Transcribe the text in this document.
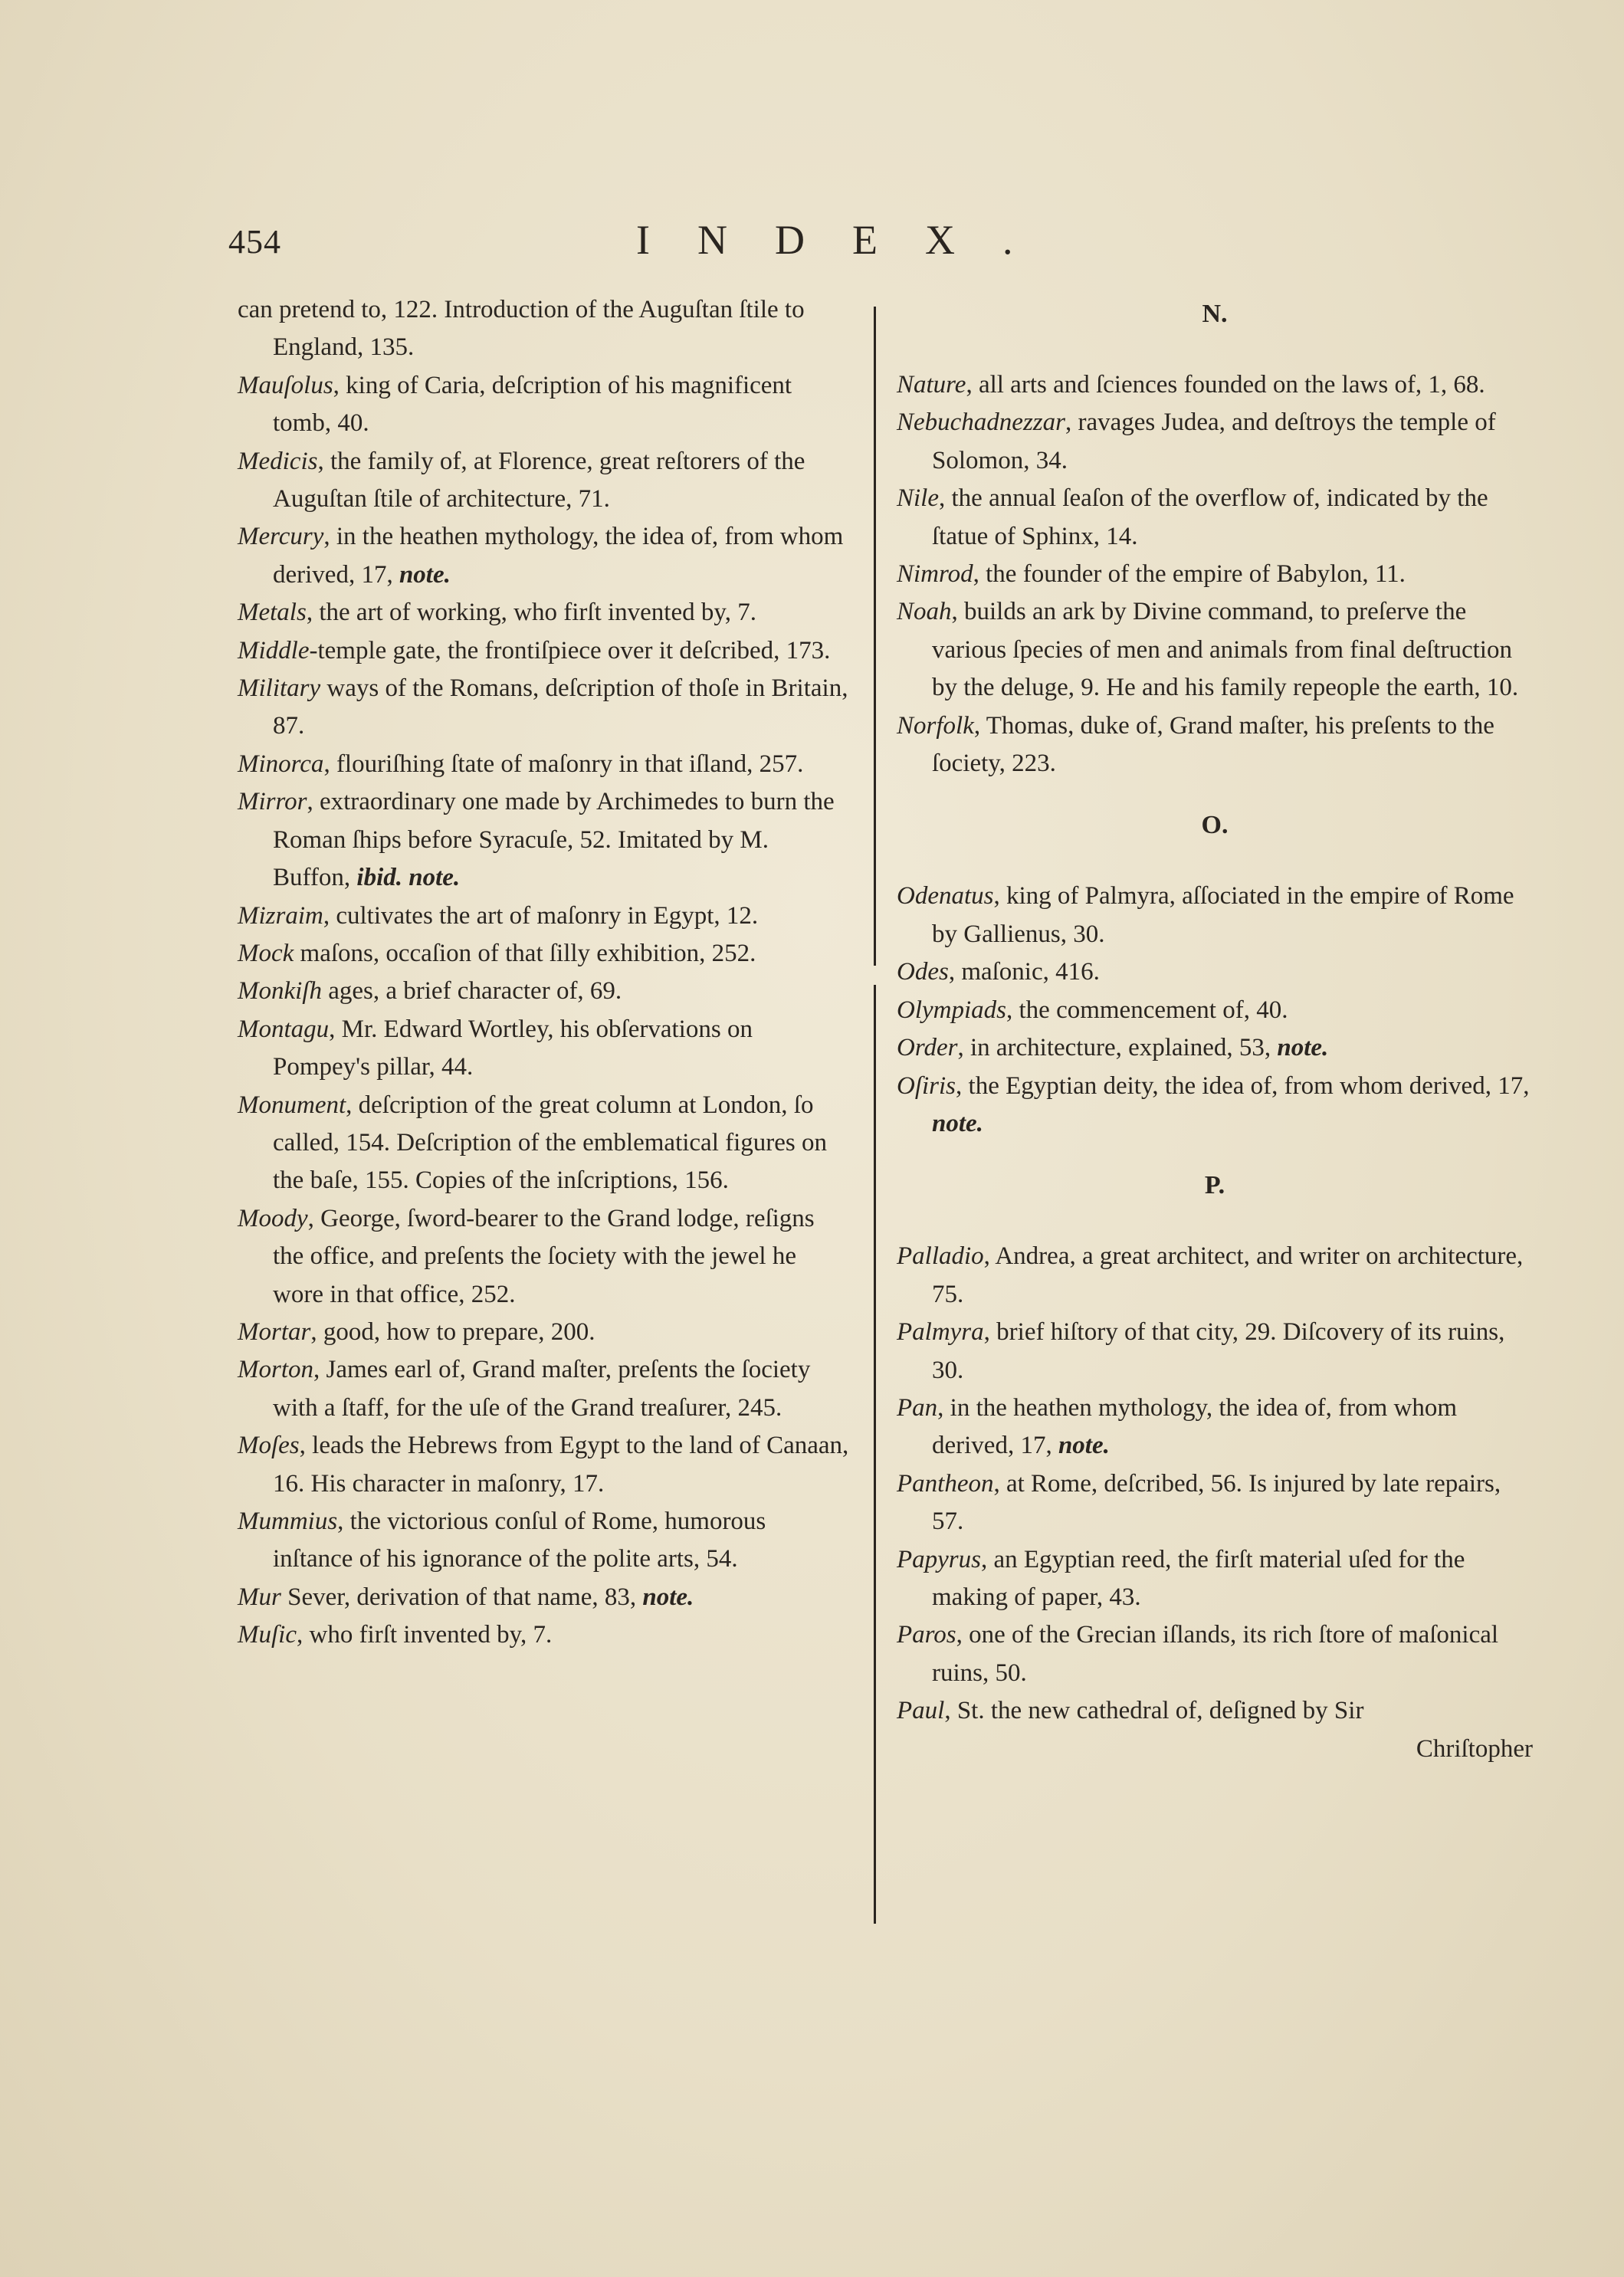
454	INDEX.

can pretend to, 122. Introduction of the Auguſtan ſtile to England, 135.

Mauſolus, king of Caria, deſcription of his magnificent tomb, 40.

Medicis, the family of, at Florence, great reſtorers of the Auguſtan ſtile of architecture, 71.

Mercury, in the heathen mythology, the idea of, from whom derived, 17, note.

Metals, the art of working, who firſt invented by, 7.

Middle-temple gate, the frontiſpiece over it deſcribed, 173.

Military ways of the Romans, deſcription of thoſe in Britain, 87.

Minorca, flouriſhing ſtate of maſonry in that iſland, 257.

Mirror, extraordinary one made by Archimedes to burn the Roman ſhips before Syracuſe, 52. Imitated by M. Buffon, ibid. note.

Mizraim, cultivates the art of maſonry in Egypt, 12.

Mock maſons, occaſion of that ſilly exhibition, 252.

Monkiſh ages, a brief character of, 69.

Montagu, Mr. Edward Wortley, his obſervations on Pompey's pillar, 44.

Monument, deſcription of the great column at London, ſo called, 154. Deſcription of the emblematical figures on the baſe, 155. Copies of the inſcriptions, 156.

Moody, George, ſword-bearer to the Grand lodge, reſigns the office, and preſents the ſociety with the jewel he wore in that office, 252.

Mortar, good, how to prepare, 200.

Morton, James earl of, Grand maſter, preſents the ſociety with a ſtaff, for the uſe of the Grand treaſurer, 245.

Moſes, leads the Hebrews from Egypt to the land of Canaan, 16. His character in maſonry, 17.

Mummius, the victorious conſul of Rome, humorous inſtance of his ignorance of the polite arts, 54.

Mur Sever, derivation of that name, 83, note.

Muſic, who firſt invented by, 7.

N.

Nature, all arts and ſciences founded on the laws of, 1, 68.

Nebuchadnezzar, ravages Judea, and deſtroys the temple of Solomon, 34.

Nile, the annual ſeaſon of the overflow of, indicated by the ſtatue of Sphinx, 14.

Nimrod, the founder of the empire of Babylon, 11.

Noah, builds an ark by Divine command, to preſerve the various ſpecies of men and animals from final deſtruction by the deluge, 9. He and his family repeople the earth, 10.

Norfolk, Thomas, duke of, Grand maſter, his preſents to the ſociety, 223.

O.

Odenatus, king of Palmyra, aſſociated in the empire of Rome by Gallienus, 30.

Odes, maſonic, 416.

Olympiads, the commencement of, 40.

Order, in architecture, explained, 53, note.

Oſiris, the Egyptian deity, the idea of, from whom derived, 17, note.

P.

Palladio, Andrea, a great architect, and writer on architecture, 75.

Palmyra, brief hiſtory of that city, 29. Diſcovery of its ruins, 30.

Pan, in the heathen mythology, the idea of, from whom derived, 17, note.

Pantheon, at Rome, deſcribed, 56. Is injured by late repairs, 57.

Papyrus, an Egyptian reed, the firſt material uſed for the making of paper, 43.

Paros, one of the Grecian iſlands, its rich ſtore of maſonical ruins, 50.

Paul, St. the new cathedral of, deſigned by Sir

Chriſtopher
